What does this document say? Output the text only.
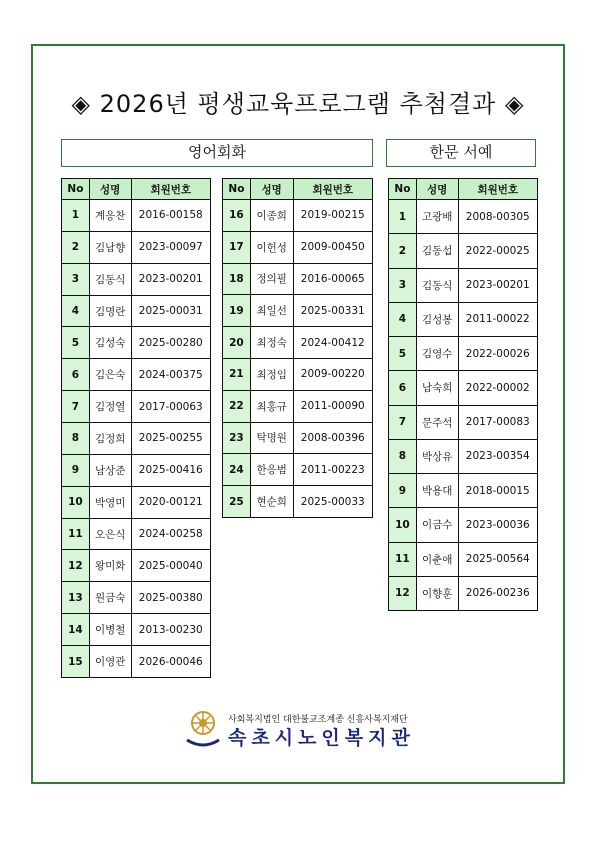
◈ 2026년 평생교육프로그램 추첨결과 ◈
영어회화	한문 서예
No	성명	회원번호
1	계응찬	2016-00158
2	김남향	2023-00097
3	김동식	2023-00201
4	김명란	2025-00031
5	김성숙	2025-00280
6	김은숙	2024-00375
7	김정열	2017-00063
8	김정희	2025-00255
9	남상준	2025-00416
10	박영미	2020-00121
11	오은식	2024-00258
12	왕미화	2025-00040
13	원금숙	2025-00380
14	이병철	2013-00230
15	이영관	2026-00046
No	성명	회원번호
16	이종희	2019-00215
17	이헌성	2009-00450
18	정의필	2016-00065
19	최일선	2025-00331
20	최정숙	2024-00412
21	최정임	2009-00220
22	최홍규	2011-00090
23	탁명원	2008-00396
24	한응범	2011-00223
25	현순희	2025-00033
No	성명	회원번호
1	고광배	2008-00305
2	김동섭	2022-00025
3	김동식	2023-00201
4	김성봉	2011-00022
5	김영수	2022-00026
6	남숙희	2022-00002
7	문주석	2017-00083
8	박상유	2023-00354
9	박용대	2018-00015
10	이금수	2023-00036
11	이춘애	2025-00564
12	이향훈	2026-00236
사회복지법인 대한불교조계종 신흥사복지재단
속초시노인복지관
